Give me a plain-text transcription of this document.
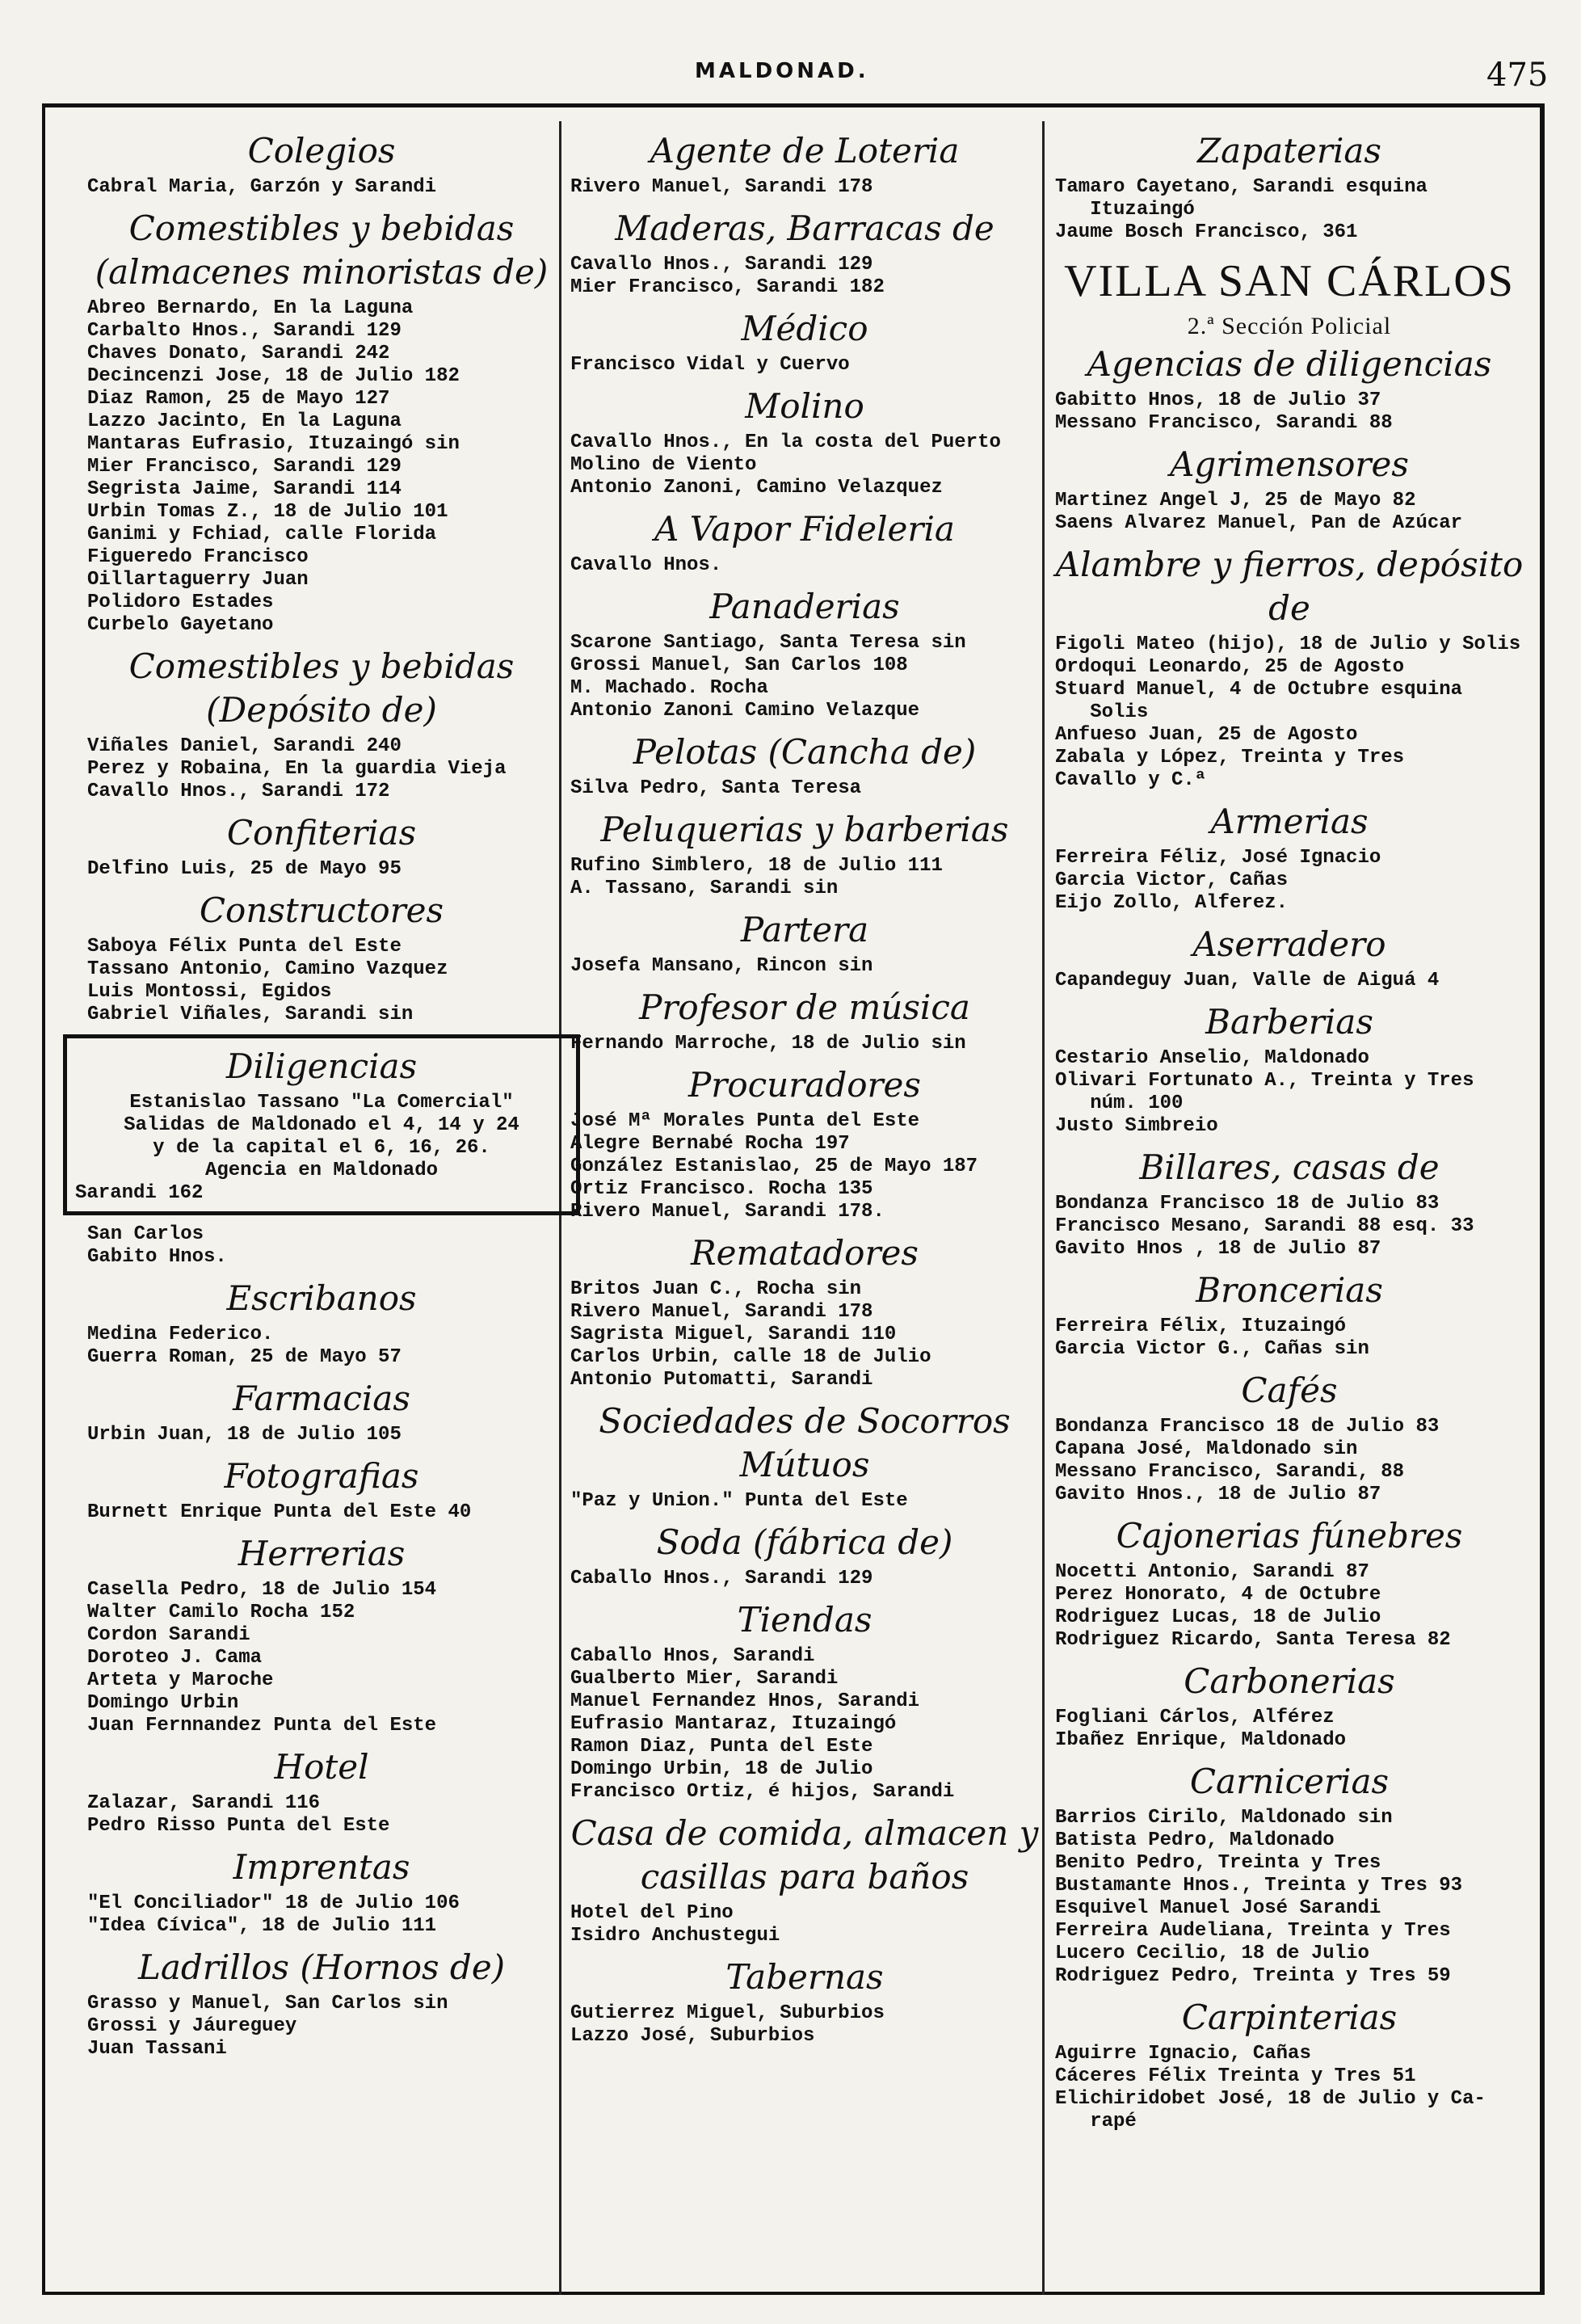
MALDONAD.	475
Colegios
Cabral Maria, Garzón y Sarandi
Comestibles y bebidas (almacenes minoristas de)
Abreo Bernardo, En la Laguna
Carbalto Hnos., Sarandi 129
Chaves Donato, Sarandi 242
Decincenzi Jose, 18 de Julio 182
Diaz Ramon, 25 de Mayo 127
Lazzo Jacinto, En la Laguna
Mantaras Eufrasio, Ituzaingó sin
Mier Francisco, Sarandi 129
Segrista Jaime, Sarandi 114
Urbin Tomas Z., 18 de Julio 101
Ganimi y Fchiad, calle Florida
Figueredo Francisco
Oillartaguerry Juan
Polidoro Estades
Curbelo Gayetano
Comestibles y bebidas (Depósito de)
Viñales Daniel, Sarandi 240
Perez y Robaina, En la guardia Vieja
Cavallo Hnos., Sarandi 172
Confiterias
Delfino Luis, 25 de Mayo 95
Constructores
Saboya Félix Punta del Este
Tassano Antonio, Camino Vazquez
Luis Montossi, Egidos
Gabriel Viñales, Sarandi sin
Diligencias
Estanislao Tassano "La Comercial"
Salidas de Maldonado el 4, 14 y 24
y de la capital el 6, 16, 26.
Agencia en Maldonado
Sarandi 162
San Carlos
Gabito Hnos.
Escribanos
Medina Federico.
Guerra Roman, 25 de Mayo 57
Farmacias
Urbin Juan, 18 de Julio 105
Fotografias
Burnett Enrique Punta del Este 40
Herrerias
Casella Pedro, 18 de Julio 154
Walter Camilo Rocha 152
Cordon Sarandi
Doroteo J. Cama
Arteta y Maroche
Domingo Urbin
Juan Fernnandez Punta del Este
Hotel
Zalazar, Sarandi 116
Pedro Risso Punta del Este
Imprentas
"El Conciliador" 18 de Julio 106
"Idea Cívica", 18 de Julio 111
Ladrillos (Hornos de)
Grasso y Manuel, San Carlos sin
Grossi y Jáureguey
Juan Tassani
Agente de Loteria
Rivero Manuel, Sarandi 178
Maderas, Barracas de
Cavallo Hnos., Sarandi 129
Mier Francisco, Sarandi 182
Médico
Francisco Vidal y Cuervo
Molino
Cavallo Hnos., En la costa del Puerto
Molino de Viento
Antonio Zanoni, Camino Velazquez
A Vapor Fideleria
Cavallo Hnos.
Panaderias
Scarone Santiago, Santa Teresa sin
Grossi Manuel, San Carlos 108
M. Machado. Rocha
Antonio Zanoni Camino Velazque
Pelotas (Cancha de)
Silva Pedro, Santa Teresa
Peluquerias y barberias
Rufino Simblero, 18 de Julio 111
A. Tassano, Sarandi sin
Partera
Josefa Mansano, Rincon sin
Profesor de música
Fernando Marroche, 18 de Julio sin
Procuradores
José Mª Morales Punta del Este
Alegre Bernabé Rocha 197
González Estanislao, 25 de Mayo 187
Ortiz Francisco. Rocha 135
Rivero Manuel, Sarandi 178.
Rematadores
Britos Juan C., Rocha sin
Rivero Manuel, Sarandi 178
Sagrista Miguel, Sarandi 110
Carlos Urbin, calle 18 de Julio
Antonio Putomatti, Sarandi
Sociedades de Socorros Mútuos
"Paz y Union." Punta del Este
Soda (fábrica de)
Caballo Hnos., Sarandi 129
Tiendas
Caballo Hnos, Sarandi
Gualberto Mier, Sarandi
Manuel Fernandez Hnos, Sarandi
Eufrasio Mantaraz, Ituzaingó
Ramon Diaz, Punta del Este
Domingo Urbin, 18 de Julio
Francisco Ortiz, é hijos, Sarandi
Casa de comida, almacen y casillas para baños
Hotel del Pino
Isidro Anchustegui
Tabernas
Gutierrez Miguel, Suburbios
Lazzo José, Suburbios
Zapaterias
Tamaro Cayetano, Sarandi esquina
Ituzaingó
Jaume Bosch Francisco, 361
VILLA SAN CÁRLOS
2.ª Sección Policial
Agencias de diligencias
Gabitto Hnos, 18 de Julio 37
Messano Francisco, Sarandi 88
Agrimensores
Martinez Angel J, 25 de Mayo 82
Saens Alvarez Manuel, Pan de Azúcar
Alambre y fierros, depósito de
Figoli Mateo (hijo), 18 de Julio y Solis
Ordoqui Leonardo, 25 de Agosto
Stuard Manuel, 4 de Octubre esquina
Solis
Anfueso Juan, 25 de Agosto
Zabala y López, Treinta y Tres
Cavallo y C.ª
Armerias
Ferreira Féliz, José Ignacio
Garcia Victor, Cañas
Eijo Zollo, Alferez.
Aserradero
Capandeguy Juan, Valle de Aiguá 4
Barberias
Cestario Anselio, Maldonado
Olivari Fortunato A., Treinta y Tres
núm. 100
Justo Simbreio
Billares, casas de
Bondanza Francisco 18 de Julio 83
Francisco Mesano, Sarandi 88 esq. 33
Gavito Hnos , 18 de Julio 87
Broncerias
Ferreira Félix, Ituzaingó
Garcia Victor G., Cañas sin
Cafés
Bondanza Francisco 18 de Julio 83
Capana José, Maldonado sin
Messano Francisco, Sarandi, 88
Gavito Hnos., 18 de Julio 87
Cajonerias fúnebres
Nocetti Antonio, Sarandi 87
Perez Honorato, 4 de Octubre
Rodriguez Lucas, 18 de Julio
Rodriguez Ricardo, Santa Teresa 82
Carbonerias
Fogliani Cárlos, Alférez
Ibañez Enrique, Maldonado
Carnicerias
Barrios Cirilo, Maldonado sin
Batista Pedro, Maldonado
Benito Pedro, Treinta y Tres
Bustamante Hnos., Treinta y Tres 93
Esquivel Manuel José Sarandi
Ferreira Audeliana, Treinta y Tres
Lucero Cecilio, 18 de Julio
Rodriguez Pedro, Treinta y Tres 59
Carpinterias
Aguirre Ignacio, Cañas
Cáceres Félix Treinta y Tres 51
Elichiridobet José, 18 de Julio y Ca-
rapé
